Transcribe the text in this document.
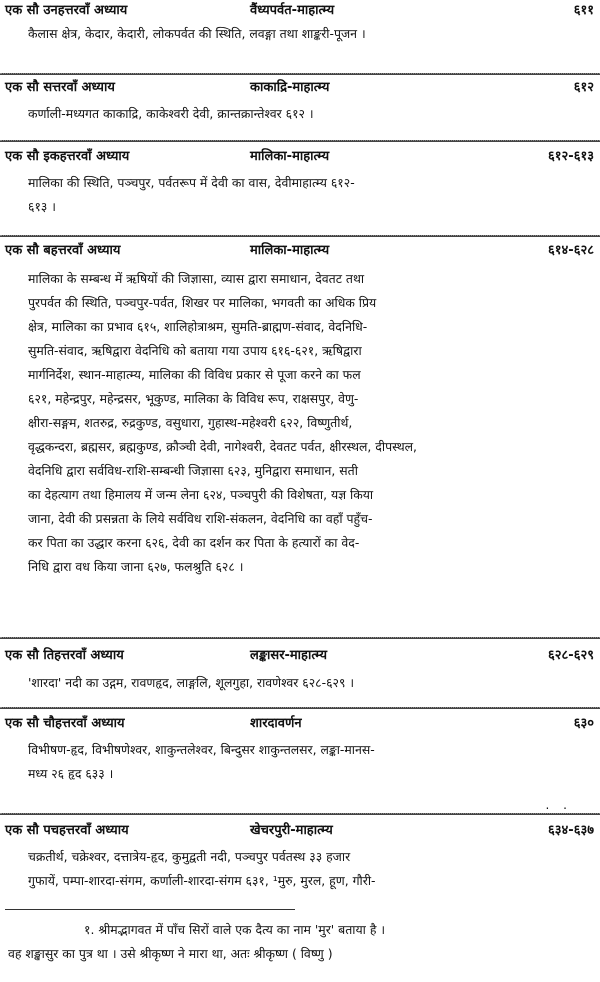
एक सौ उनहत्तरवाँ अध्याय	वैंध्यपर्वत-माहात्म्य	६११
कैलास क्षेत्र, केदार, केदारी, लोकपर्वत की स्थिति, लवङ्गा तथा शाङ्करी-पूजन ।
एक सौ सत्तरवाँ अध्याय	काकाद्रि-माहात्म्य	६१२
कर्णाली-मध्यगत काकाद्रि, काकेश्वरी देवी, क्रान्तक्रान्तेश्वर ६१२ ।
एक सौ इकहत्तरवाँ अध्याय	मालिका-माहात्म्य	६१२-६१३
मालिका की स्थिति, पञ्चपुर, पर्वतरूप में देवी का वास, देवीमाहात्म्य ६१२-
६१३ ।
एक सौ बहत्तरवाँ अध्याय	मालिका-माहात्म्य	६१४-६२८
मालिका के सम्बन्ध में ऋषियों की जिज्ञासा, व्यास द्वारा समाधान, देवतट तथा
पुरपर्वत की स्थिति, पञ्चपुर-पर्वत, शिखर पर मालिका, भगवती का अधिक प्रिय
क्षेत्र, मालिका का प्रभाव ६१५, शालिहोत्राश्रम, सुमति-ब्राह्मण-संवाद, वेदनिधि-
सुमति-संवाद, ऋषिद्वारा वेदनिधि को बताया गया उपाय ६१६-६२१, ऋषिद्वारा
मार्गनिर्देश, स्थान-माहात्म्य, मालिका की विविध प्रकार से पूजा करने का फल
६२१, महेन्द्रपुर, महेन्द्रसर, भूकुण्ड, मालिका के विविध रूप, राक्षसपुर, वेणु-
क्षीरा-सङ्गम, शतरुद्र, रुद्रकुण्ड, वसुधारा, गुहास्थ-महेश्वरी ६२२, विष्णुतीर्थ,
वृद्धकन्दरा, ब्रह्मसर, ब्रह्मकुण्ड, क्रौञ्ची देवी, नागेश्वरी, देवतट पर्वत, क्षीरस्थल, दीपस्थल,
वेदनिधि द्वारा सर्वविध-राशि-सम्बन्धी जिज्ञासा ६२३, मुनिद्वारा समाधान, सती
का देहत्याग तथा हिमालय में जन्म लेना ६२४, पञ्चपुरी की विशेषता, यज्ञ किया
जाना, देवी की प्रसन्नता के लिये सर्वविध राशि-संकलन, वेदनिधि का वहाँ पहुँच-
कर पिता का उद्धार करना ६२६, देवी का दर्शन कर पिता के हत्यारों का वेद-
निधि द्वारा वध किया जाना ६२७, फलश्रुति ६२८ ।
एक सौ तिहत्तरवाँ अध्याय	लङ्कासर-माहात्म्य	६२८-६२९
'शारदा' नदी का उद्गम, रावणहृद, लाङ्गलि, शूलगुहा, रावणेश्वर ६२८-६२९ ।
एक सौ चौहत्तरवाँ अध्याय	शारदावर्णन	६३०
विभीषण-हृद, विभीषणेश्वर, शाकुन्तलेश्वर, बिन्दुसर शाकुन्तलसर, लङ्का-मानस-
मध्य २६ हृद ६३३ ।
. .
एक सौ पचहत्तरवाँ अध्याय	खेचरपुरी-माहात्म्य	६३४-६३७
चक्रतीर्थ, चक्रेश्वर, दत्तात्रेय-हृद, कुमुद्वती नदी, पञ्चपुर पर्वतस्थ ३३ हजार
गुफायें, पम्पा-शारदा-संगम, कर्णाली-शारदा-संगम ६३१, ¹मुरु, मुरल, हूण, गौरी-
१. श्रीमद्भागवत में पाँच सिरों वाले एक दैत्य का नाम 'मुर' बताया है ।
वह शङ्खासुर का पुत्र था । उसे श्रीकृष्ण ने मारा था, अतः श्रीकृष्ण ( विष्णु )
